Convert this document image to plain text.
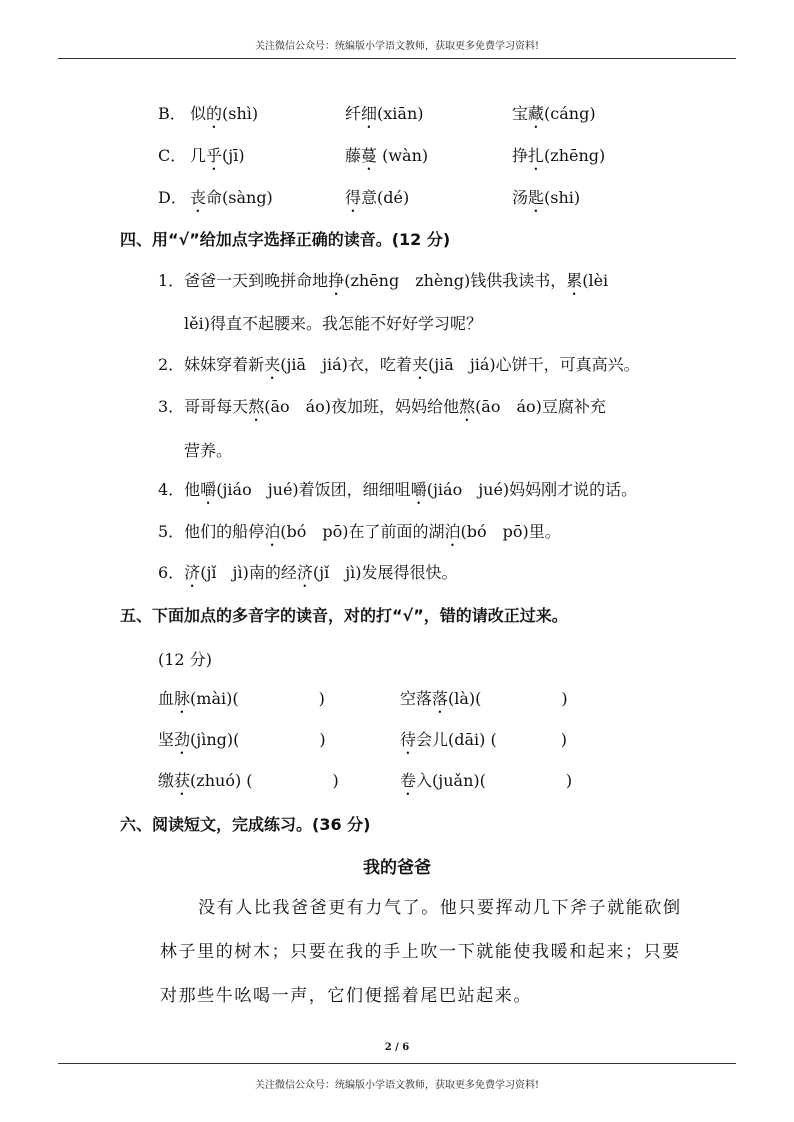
关注微信公众号：统编版小学语文教师，获取更多免费学习资料!
B． 似的(shì)	纤细(xiān)	宝藏(cáng)
C． 几乎(jī)	藤蔓 (wàn)	挣扎(zhēng)
D． 丧命(sàng)	得意(dé)	汤匙(shi)
四、用“√”给加点字选择正确的读音。(12 分)
1．爸爸一天到晚拼命地挣(zhēng　zhèng)钱供我读书，累(lèi
lěi)得直不起腰来。我怎能不好好学习呢？
2．妹妹穿着新夹(jiā　jiá)衣，吃着夹(jiā　jiá)心饼干，可真高兴。
3．哥哥每天熬(āo　áo)夜加班，妈妈给他熬(āo　áo)豆腐补充
营养。
4．他嚼(jiáo　jué)着饭团，细细咀嚼(jiáo　jué)妈妈刚才说的话。
5．他们的船停泊(bó　pō)在了前面的湖泊(bó　pō)里。
6．济(jǐ　jì)南的经济(jǐ　jì)发展得很快。
五、下面加点的多音字的读音，对的打“√”，错的请改正过来。
(12 分)
血脉(mài)(　　　　　)	空落落(là)(　　　　　)
坚劲(jìng)(　　　　　)	待会儿(dāi) (　　　　)
缴获(zhuó) (　　　　　)	卷入(juǎn)(　　　　　)
六、阅读短文，完成练习。(36 分)
我的爸爸
没有人比我爸爸更有力气了。他只要挥动几下斧子就能砍倒
林子里的树木；只要在我的手上吹一下就能使我暖和起来；只要
对那些牛吆喝一声，它们便摇着尾巴站起来。
2 / 6
关注微信公众号：统编版小学语文教师，获取更多免费学习资料!
